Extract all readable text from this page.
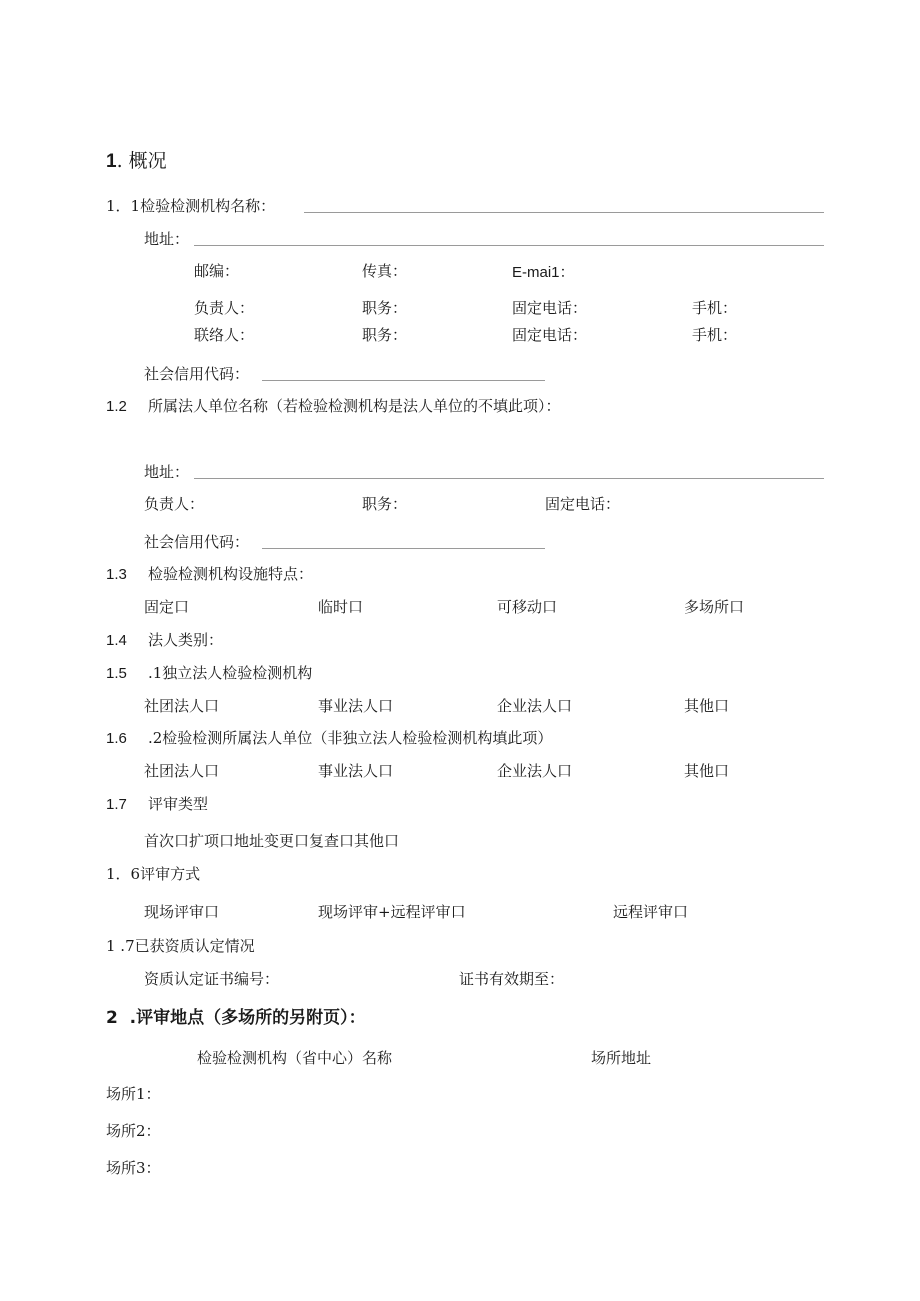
1. 概况
1．1检验检测机构名称：
地址：
邮编：	传真：	E-mai1：
负责人：	职务：	固定电话：	手机：
联络人：	职务：	固定电话：	手机：
社会信用代码：
1.2 所属法人单位名称（若检验检测机构是法人单位的不填此项）：
地址：
负责人：	职务：	固定电话：
社会信用代码：
1.3 检验检测机构设施特点：
固定口	临时口	可移动口	多场所口
1.4 法人类别：
1.5 .1独立法人检验检测机构
社团法人口	事业法人口	企业法人口	其他口
1.6 .2检验检测所属法人单位（非独立法人检验检测机构填此项）
社团法人口	事业法人口	企业法人口	其他口
1.7 评审类型
首次口扩项口地址变更口复查口其他口
1．6评审方式
现场评审口	现场评审+远程评审口	远程评审口
1 .7已获资质认定情况
资质认定证书编号：	证书有效期至：
2  .评审地点（多场所的另附页）：
检验检测机构（省中心）名称	场所地址
场所1：
场所2：
场所3：
